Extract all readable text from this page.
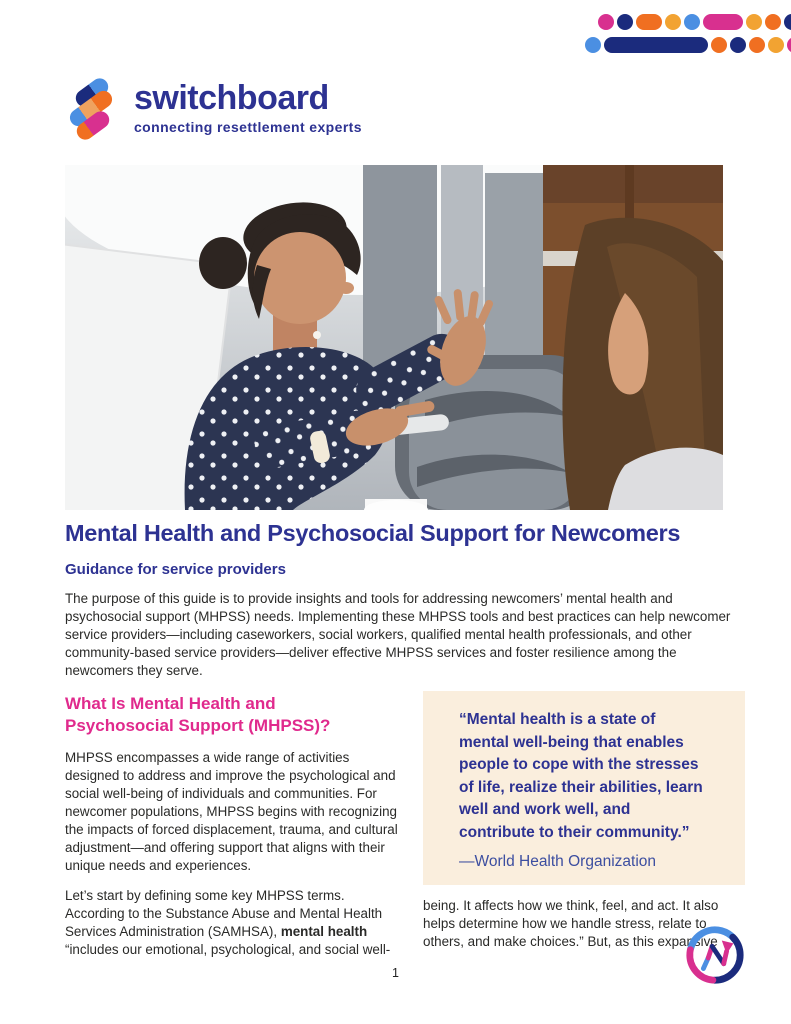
switchboard
connecting resettlement experts
Mental Health and Psychosocial Support for Newcomers
Guidance for service providers

The purpose of this guide is to provide insights and tools for addressing newcomers’ mental health and psychosocial support (MHPSS) needs. Implementing these MHPSS tools and best practices can help newcomer service providers—including caseworkers, social workers, qualified mental health professionals, and other community-based service providers—deliver effective MHPSS services and foster resilience among the newcomers they serve.

What Is Mental Health and Psychosocial Support (MHPSS)?

MHPSS encompasses a wide range of activities designed to address and improve the psychological and social well-being of individuals and communities. For newcomer populations, MHPSS begins with recognizing the impacts of forced displacement, trauma, and cultural adjustment—and offering support that aligns with their unique needs and experiences.

Let’s start by defining some key MHPSS terms. According to the Substance Abuse and Mental Health Services Administration (SAMHSA), mental health “includes our emotional, psychological, and social well-

“Mental health is a state of mental well-being that enables people to cope with the stresses of life, realize their abilities, learn well and work well, and contribute to their community.”

—World Health Organization

being. It affects how we think, feel, and act. It also helps determine how we handle stress, relate to others, and make choices.” But, as this expansive

1
